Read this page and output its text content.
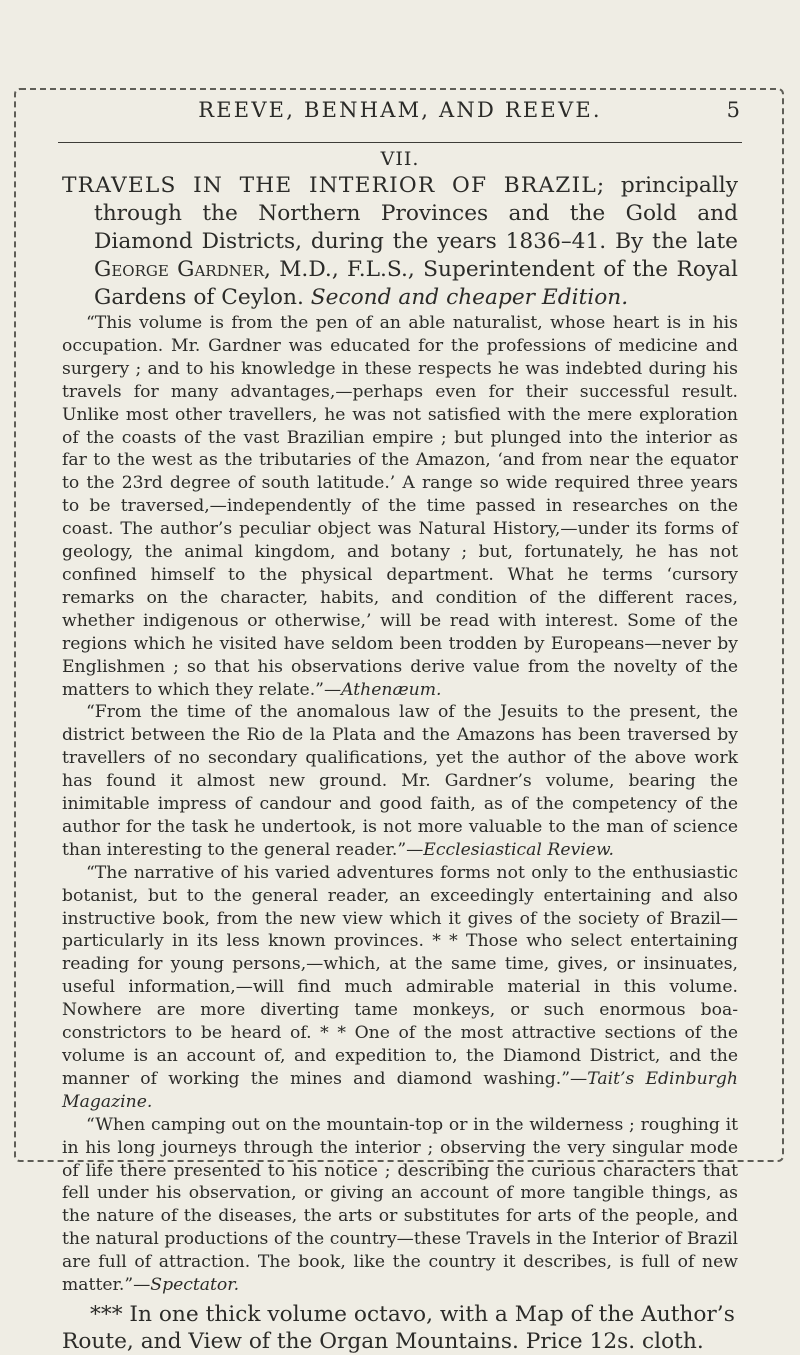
REEVE, BENHAM, AND REEVE.	5
VII.

TRAVELS IN THE INTERIOR OF BRAZIL; principally through the Northern Provinces and the Gold and Diamond Districts, during the years 1836–41. By the late George Gardner, M.D., F.L.S., Superintendent of the Royal Gardens of Ceylon. Second and cheaper Edition.

“This volume is from the pen of an able naturalist, whose heart is in his occupation. Mr. Gardner was educated for the professions of medicine and surgery ; and to his knowledge in these respects he was indebted during his travels for many advantages,—perhaps even for their successful result. Unlike most other travellers, he was not satisfied with the mere exploration of the coasts of the vast Brazilian empire ; but plunged into the interior as far to the west as the tributaries of the Amazon, ‘and from near the equator to the 23rd degree of south latitude.’ A range so wide required three years to be traversed,—independently of the time passed in researches on the coast. The author’s peculiar object was Natural History,—under its forms of geology, the animal kingdom, and botany ; but, fortunately, he has not confined himself to the physical department. What he terms ‘cursory remarks on the character, habits, and condition of the different races, whether indigenous or otherwise,’ will be read with interest. Some of the regions which he visited have seldom been trodden by Europeans—never by Englishmen ; so that his observations derive value from the novelty of the matters to which they relate.”—Athenæum.

“From the time of the anomalous law of the Jesuits to the present, the district between the Rio de la Plata and the Amazons has been traversed by travellers of no secondary qualifications, yet the author of the above work has found it almost new ground. Mr. Gardner’s volume, bearing the inimitable impress of candour and good faith, as of the competency of the author for the task he undertook, is not more valuable to the man of science than interesting to the general reader.”—Ecclesiastical Review.

“The narrative of his varied adventures forms not only to the enthusiastic botanist, but to the general reader, an exceedingly entertaining and also instructive book, from the new view which it gives of the society of Brazil—particularly in its less known provinces. * * Those who select entertaining reading for young persons,—which, at the same time, gives, or insinuates, useful information,—will find much admirable material in this volume. Nowhere are more diverting tame monkeys, or such enormous boa-constrictors to be heard of. * * One of the most attractive sections of the volume is an account of, and expedition to, the Diamond District, and the manner of working the mines and diamond washing.”—Tait’s Edinburgh Magazine.

“When camping out on the mountain-top or in the wilderness ; roughing it in his long journeys through the interior ; observing the very singular mode of life there presented to his notice ; describing the curious characters that fell under his observation, or giving an account of more tangible things, as the nature of the diseases, the arts or substitutes for arts of the people, and the natural productions of the country—these Travels in the Interior of Brazil are full of attraction. The book, like the country it describes, is full of new matter.”—Spectator.

*** In one thick volume octavo, with a Map of the Author’s Route, and View of the Organ Mountains. Price 12s. cloth.
